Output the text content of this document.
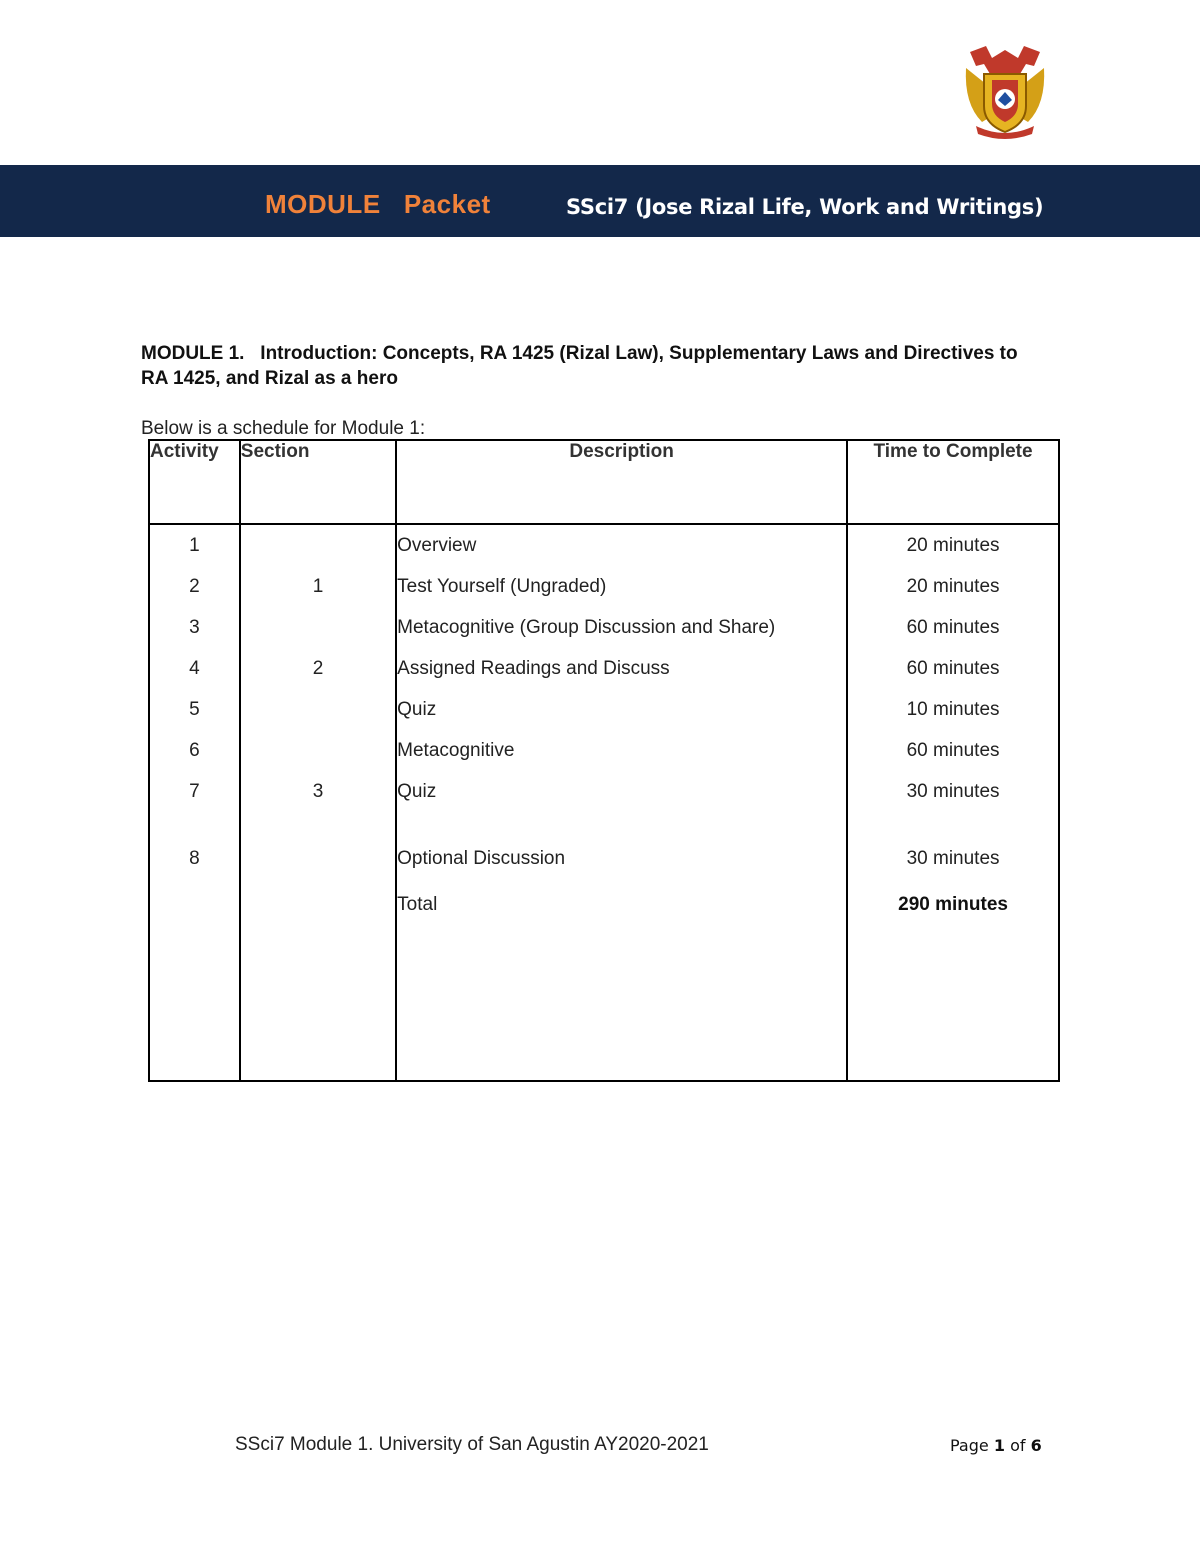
MODULE Packet	SSci7 (Jose Rizal Life, Work and Writings)
MODULE 1.   Introduction: Concepts, RA 1425 (Rizal Law), Supplementary Laws and Directives to RA 1425, and Rizal as a hero
Below is a schedule for Module 1:
Activity	Section	Description	Time to Complete
1		Overview	20 minutes
2	1	Test Yourself (Ungraded)	20 minutes
3		Metacognitive (Group Discussion and Share)	60 minutes
4	2	Assigned Readings and Discuss	60 minutes
5		Quiz	10 minutes
6		Metacognitive	60 minutes
7	3	Quiz	30 minutes
8		Optional Discussion	30 minutes
		Total	290 minutes

SSci7 Module 1. University of San Agustin AY2020-2021	Page 1 of 6
